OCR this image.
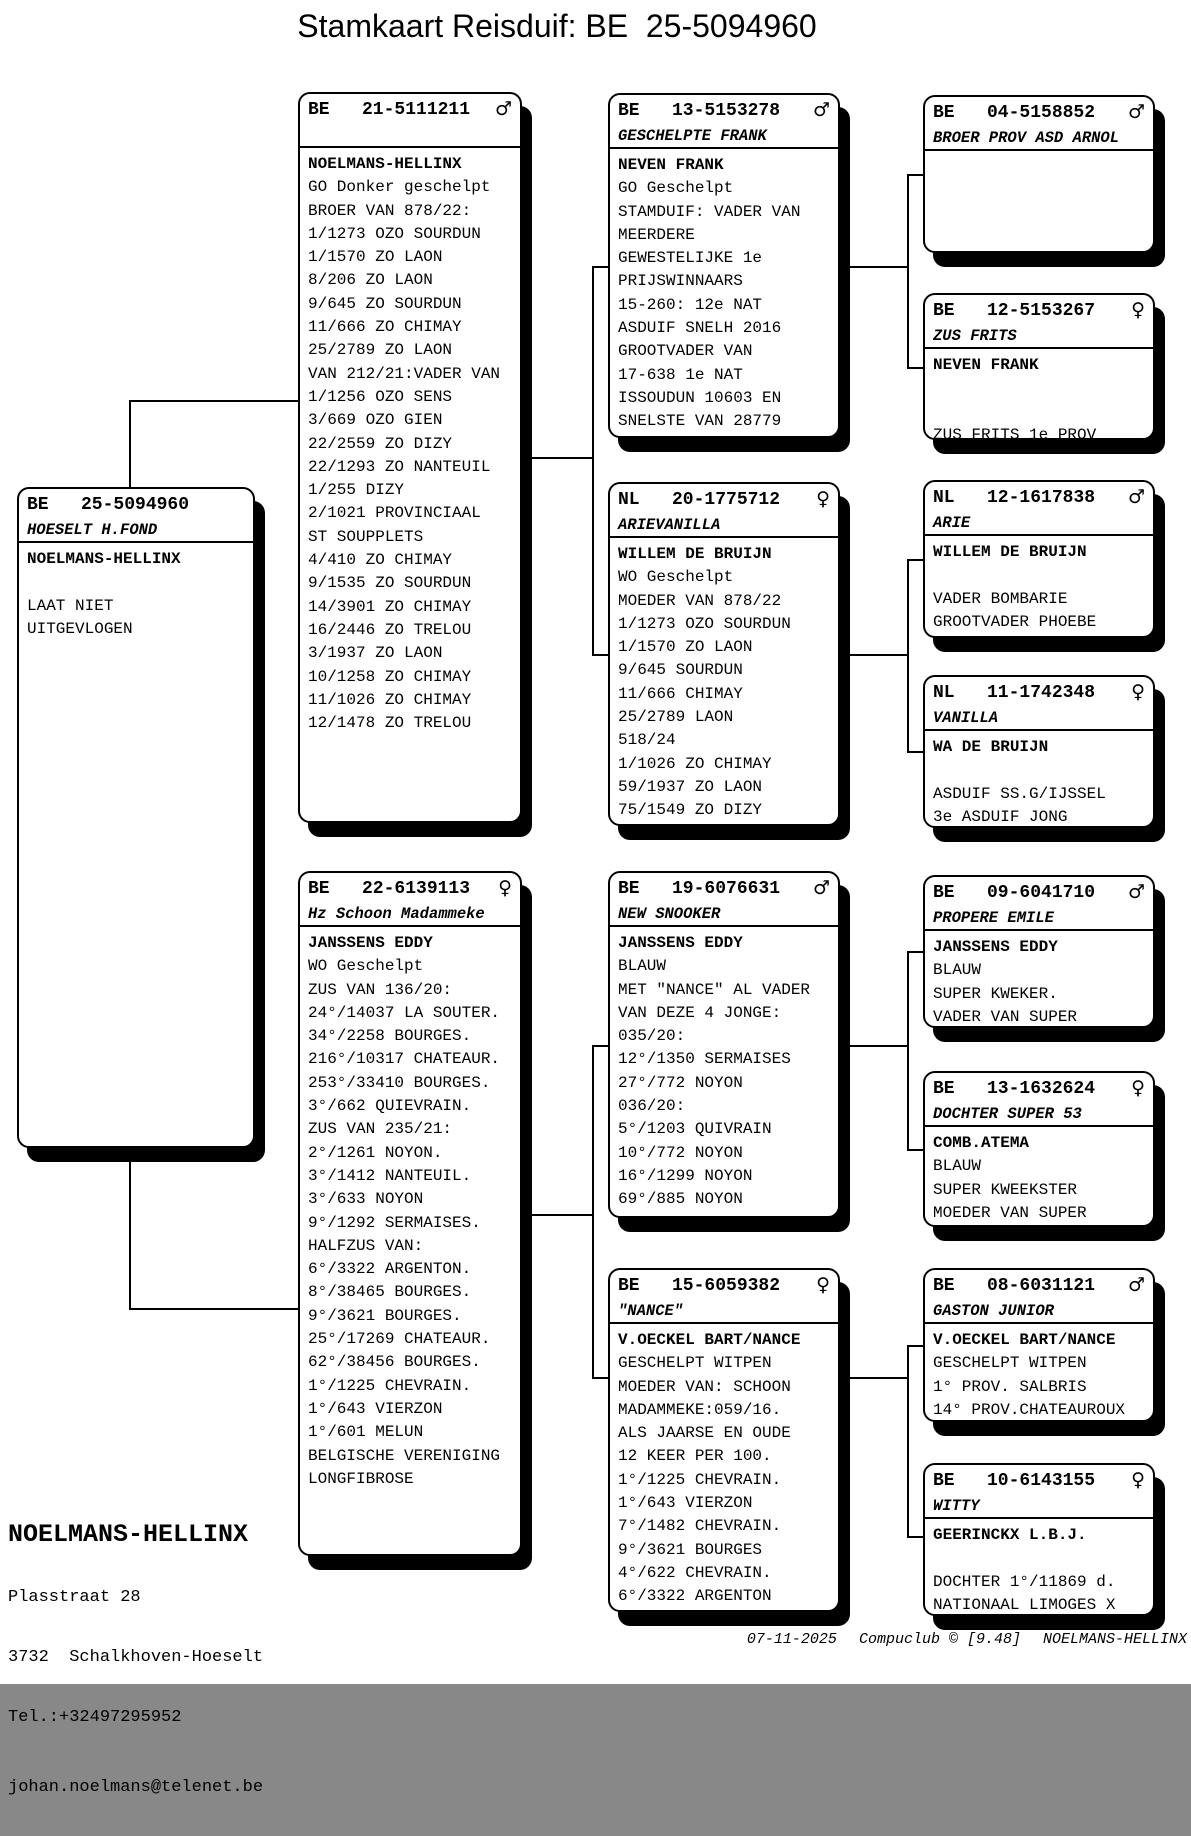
Stamkaart Reisduif: BE  25-5094960
BE   25-5094960
HOESELT H.FOND
NOELMANS-HELLINX
LAAT NIET
UITGEVLOGEN
BE   21-5111211 ♂
NOELMANS-HELLINX
GO Donker geschelpt
BROER VAN 878/22:
1/1273 OZO SOURDUN
1/1570 ZO LAON
8/206 ZO LAON
9/645 ZO SOURDUN
11/666 ZO CHIMAY
25/2789 ZO LAON
VAN 212/21:VADER VAN
1/1256 OZO SENS
3/669 OZO GIEN
22/2559 ZO DIZY
22/1293 ZO NANTEUIL
1/255 DIZY
2/1021 PROVINCIAAL
ST SOUPPLETS
4/410 ZO CHIMAY
9/1535 ZO SOURDUN
14/3901 ZO CHIMAY
16/2446 ZO TRELOU
3/1937 ZO LAON
10/1258 ZO CHIMAY
11/1026 ZO CHIMAY
12/1478 ZO TRELOU
BE   22-6139113 ♀
Hz Schoon Madammeke
JANSSENS EDDY
WO Geschelpt
ZUS VAN 136/20:
24°/14037 LA SOUTER.
34°/2258 BOURGES.
216°/10317 CHATEAUR.
253°/33410 BOURGES.
3°/662 QUIEVRAIN.
ZUS VAN 235/21:
2°/1261 NOYON.
3°/1412 NANTEUIL.
3°/633 NOYON
9°/1292 SERMAISES.
HALFZUS VAN:
6°/3322 ARGENTON.
8°/38465 BOURGES.
9°/3621 BOURGES.
25°/17269 CHATEAUR.
62°/38456 BOURGES.
1°/1225 CHEVRAIN.
1°/643 VIERZON
1°/601 MELUN
BELGISCHE VERENIGING
LONGFIBROSE
BE   13-5153278 ♂
GESCHELPTE FRANK
NEVEN FRANK
GO Geschelpt
STAMDUIF: VADER VAN
MEERDERE
GEWESTELIJKE 1e
PRIJSWINNAARS
15-260: 12e NAT
ASDUIF SNELH 2016
GROOTVADER VAN
17-638 1e NAT
ISSOUDUN 10603 EN
SNELSTE VAN 28779
NL   20-1775712 ♀
ARIEVANILLA
WILLEM DE BRUIJN
WO Geschelpt
MOEDER VAN 878/22
1/1273 OZO SOURDUN
1/1570 ZO LAON
9/645 SOURDUN
11/666 CHIMAY
25/2789 LAON
518/24
1/1026 ZO CHIMAY
59/1937 ZO LAON
75/1549 ZO DIZY
BE   19-6076631 ♂
NEW SNOOKER
JANSSENS EDDY
BLAUW
MET "NANCE" AL VADER
VAN DEZE 4 JONGE:
035/20:
12°/1350 SERMAISES
27°/772 NOYON
036/20:
5°/1203 QUIVRAIN
10°/772 NOYON
16°/1299 NOYON
69°/885 NOYON
BE   15-6059382 ♀
"NANCE"
V.OECKEL BART/NANCE
GESCHELPT WITPEN
MOEDER VAN: SCHOON
MADAMMEKE:059/16.
ALS JAARSE EN OUDE
12 KEER PER 100.
1°/1225 CHEVRAIN.
1°/643 VIERZON
7°/1482 CHEVRAIN.
9°/3621 BOURGES
4°/622 CHEVRAIN.
6°/3322 ARGENTON
BE   04-5158852 ♂
BROER PROV ASD ARNOL
BE   12-5153267 ♀
ZUS FRITS
NEVEN FRANK
ZUS FRITS 1e PROV
NL   12-1617838 ♂
ARIE
WILLEM DE BRUIJN
VADER BOMBARIE
GROOTVADER PHOEBE
NL   11-1742348 ♀
VANILLA
WA DE BRUIJN
ASDUIF SS.G/IJSSEL
3e ASDUIF JONG
BE   09-6041710 ♂
PROPERE EMILE
JANSSENS EDDY
BLAUW
SUPER KWEKER.
VADER VAN SUPER
BE   13-1632624 ♀
DOCHTER SUPER 53
COMB.ATEMA
BLAUW
SUPER KWEEKSTER
MOEDER VAN SUPER
BE   08-6031121 ♂
GASTON JUNIOR
V.OECKEL BART/NANCE
GESCHELPT WITPEN
1° PROV. SALBRIS
14° PROV.CHATEAUROUX
BE   10-6143155 ♀
WITTY
GEERINCKX L.B.J.
DOCHTER 1°/11869 d.
NATIONAAL LIMOGES X

NOELMANS-HELLINX

Plasstraat 28

3732  Schalkhoven-Hoeselt

Tel.:+32497295952

johan.noelmans@telenet.be

07-11-2025 Compuclub © [9.48] NOELMANS-HELLINX
